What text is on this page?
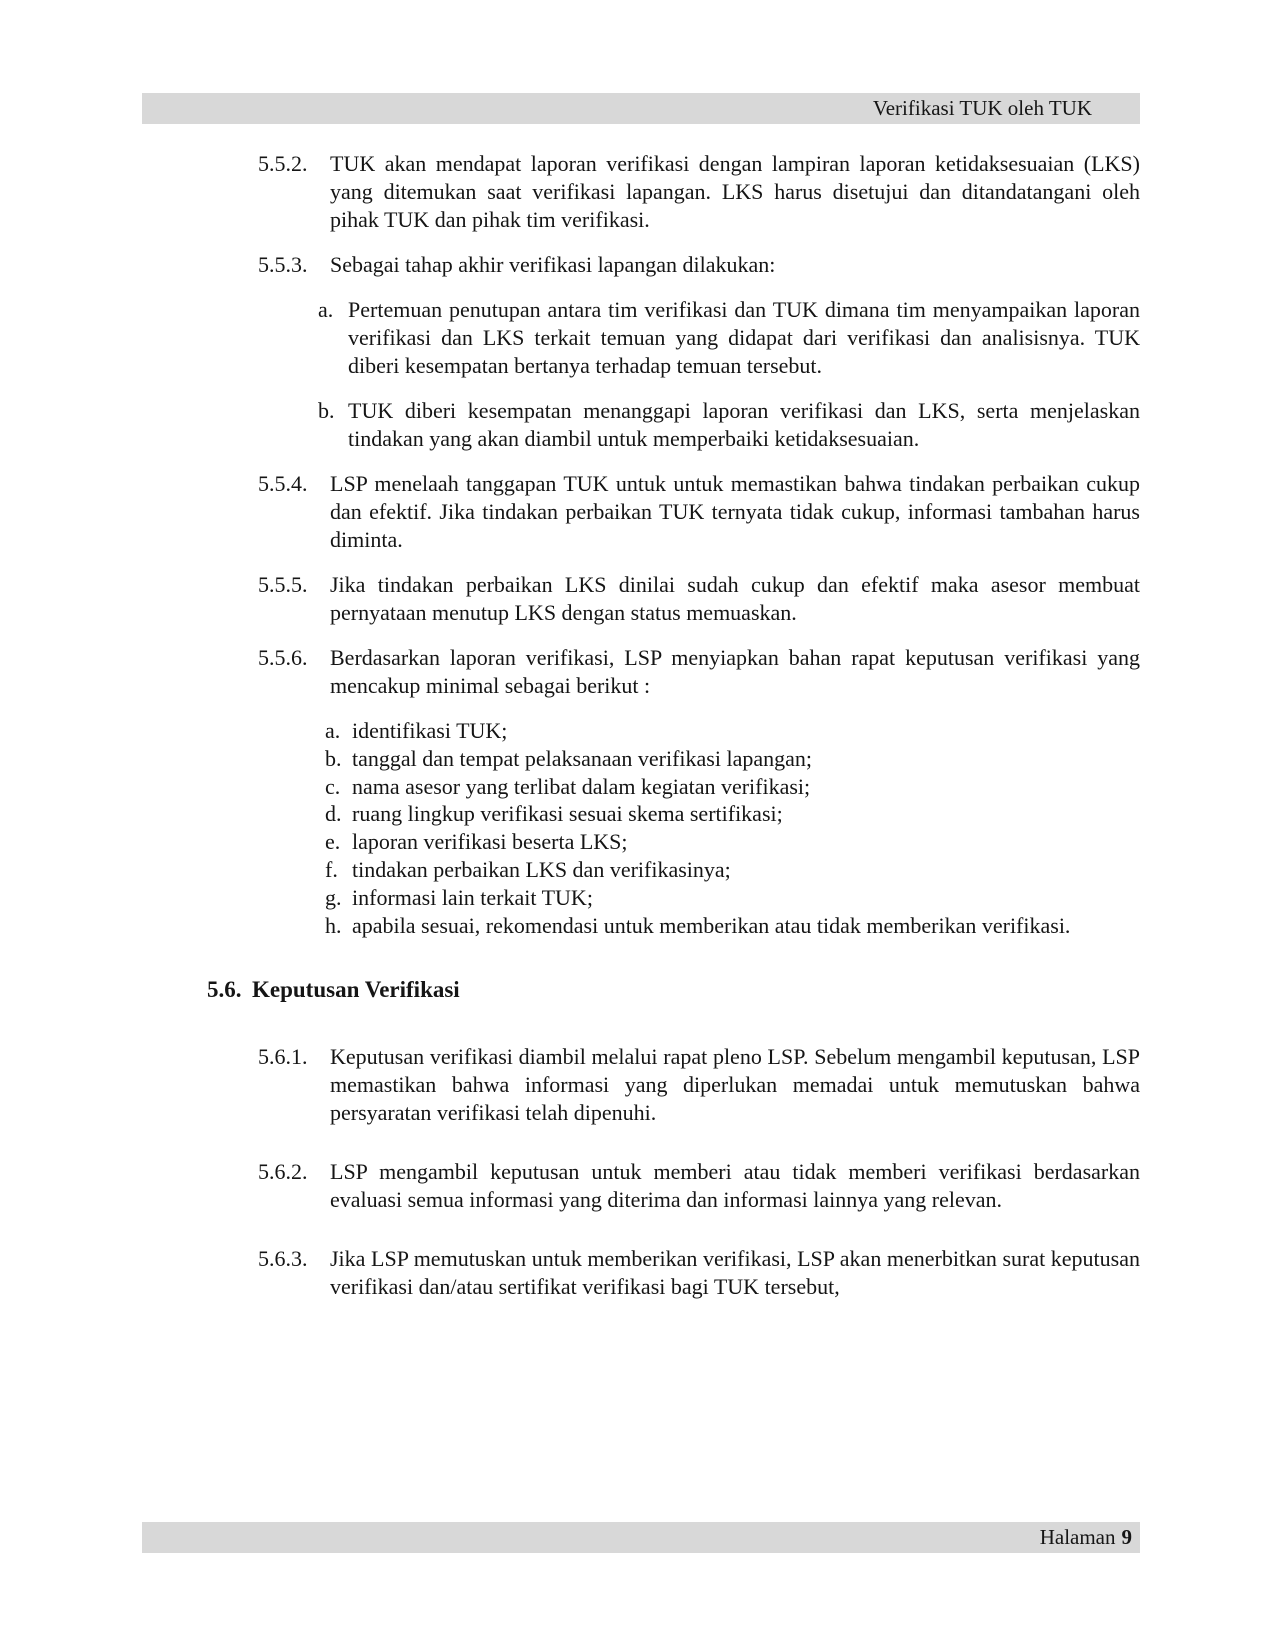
Verifikasi TUK oleh TUK
5.5.2. TUK akan mendapat laporan verifikasi dengan lampiran laporan ketidaksesuaian (LKS) yang ditemukan saat verifikasi lapangan. LKS harus disetujui dan ditandatangani oleh pihak TUK dan pihak tim verifikasi.

5.5.3. Sebagai tahap akhir verifikasi lapangan dilakukan:

a. Pertemuan penutupan antara tim verifikasi dan TUK dimana tim menyampaikan laporan verifikasi dan LKS terkait temuan yang didapat dari verifikasi dan analisisnya. TUK diberi kesempatan bertanya terhadap temuan tersebut.

b. TUK diberi kesempatan menanggapi laporan verifikasi dan LKS, serta menjelaskan tindakan yang akan diambil untuk memperbaiki ketidaksesuaian.

5.5.4. LSP menelaah tanggapan TUK untuk untuk memastikan bahwa tindakan perbaikan cukup dan efektif. Jika tindakan perbaikan TUK ternyata tidak cukup, informasi tambahan harus diminta.

5.5.5. Jika tindakan perbaikan LKS dinilai sudah cukup dan efektif maka asesor membuat pernyataan menutup LKS dengan status memuaskan.

5.5.6. Berdasarkan laporan verifikasi, LSP menyiapkan bahan rapat keputusan verifikasi yang mencakup minimal sebagai berikut :

a. identifikasi TUK;

b. tanggal dan tempat pelaksanaan verifikasi lapangan;

c. nama asesor yang terlibat dalam kegiatan verifikasi;

d. ruang lingkup verifikasi sesuai skema sertifikasi;

e. laporan verifikasi beserta LKS;

f. tindakan perbaikan LKS dan verifikasinya;

g. informasi lain terkait TUK;

h. apabila sesuai, rekomendasi untuk memberikan atau tidak memberikan verifikasi.

5.6. Keputusan Verifikasi
5.6.1. Keputusan verifikasi diambil melalui rapat pleno LSP. Sebelum mengambil keputusan, LSP memastikan bahwa informasi yang diperlukan memadai untuk memutuskan bahwa persyaratan verifikasi telah dipenuhi.

5.6.2. LSP mengambil keputusan untuk memberi atau tidak memberi verifikasi berdasarkan evaluasi semua informasi yang diterima dan informasi lainnya yang relevan.

5.6.3. Jika LSP memutuskan untuk memberikan verifikasi, LSP akan menerbitkan surat keputusan verifikasi dan/atau sertifikat verifikasi bagi TUK tersebut,

Halaman 9
